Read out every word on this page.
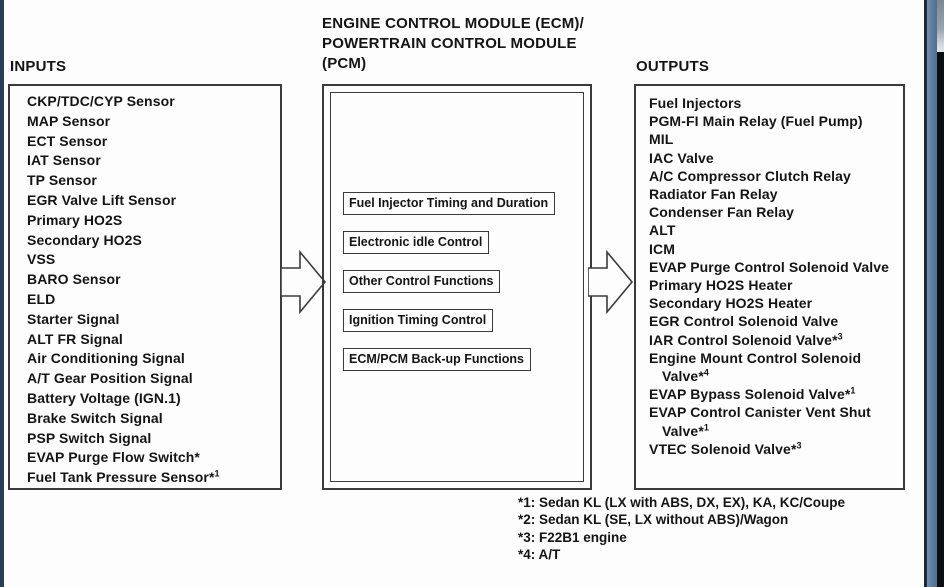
ENGINE CONTROL MODULE (ECM)/
POWERTRAIN CONTROL MODULE
(PCM)
INPUTS
CKP/TDC/CYP Sensor
MAP Sensor
ECT Sensor
IAT Sensor
TP Sensor
EGR Valve Lift Sensor
Primary HO2S
Secondary HO2S
VSS
BARO Sensor
ELD
Starter Signal
ALT FR Signal
Air Conditioning Signal
A/T Gear Position Signal
Battery Voltage (IGN.1)
Brake Switch Signal
PSP Switch Signal
EVAP Purge Flow Switch*
Fuel Tank Pressure Sensor*$^1$
Fuel Injector Timing and Duration
Electronic idle Control
Other Control Functions
Ignition Timing Control
ECM/PCM Back-up Functions
OUTPUTS
Fuel Injectors
PGM-FI Main Relay (Fuel Pump)
MIL
IAC Valve
A/C Compressor Clutch Relay
Radiator Fan Relay
Condenser Fan Relay
ALT
ICM
EVAP Purge Control Solenoid Valve
Primary HO2S Heater
Secondary HO2S Heater
EGR Control Solenoid Valve
IAR Control Solenoid Valve*$^3$
Engine Mount Control Solenoid Valve*$^4$
EVAP Bypass Solenoid Valve*$^1$
EVAP Control Canister Vent Shut Valve*$^1$
VTEC Solenoid Valve*$^3$
*1: Sedan KL (LX with ABS, DX, EX), KA, KC/Coupe
*2: Sedan KL (SE, LX without ABS)/Wagon
*3: F22B1 engine
*4: A/T
